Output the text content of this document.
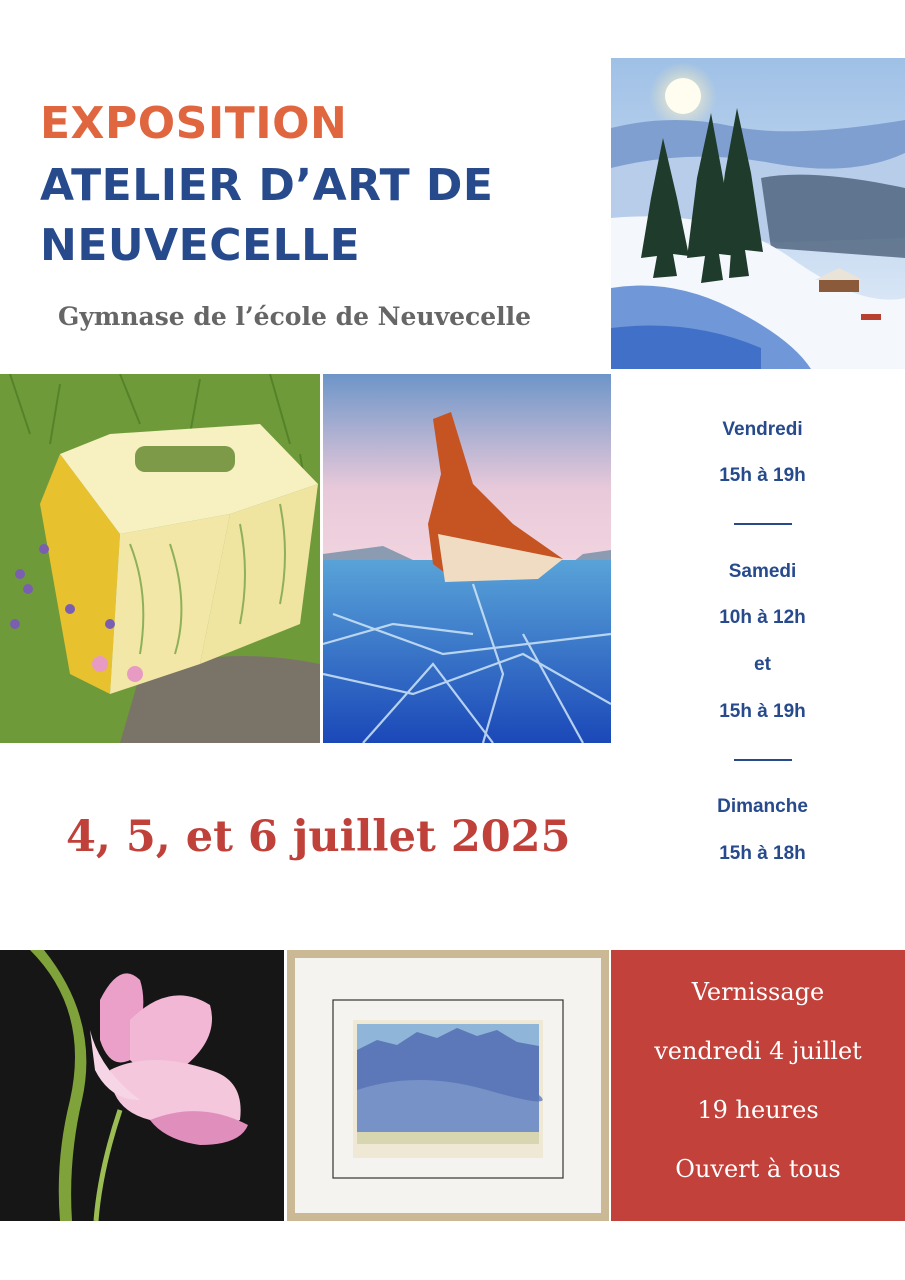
EXPOSITION
ATELIER D’ART DE
NEUVECELLE
Gymnase de l’école de Neuvecelle
Vendredi
15h à 19h
Samedi
10h à 12h
et
15h à 19h
Dimanche
15h à 18h
4, 5, et 6 juillet 2025
Vernissage
vendredi 4 juillet
19 heures
Ouvert à tous
